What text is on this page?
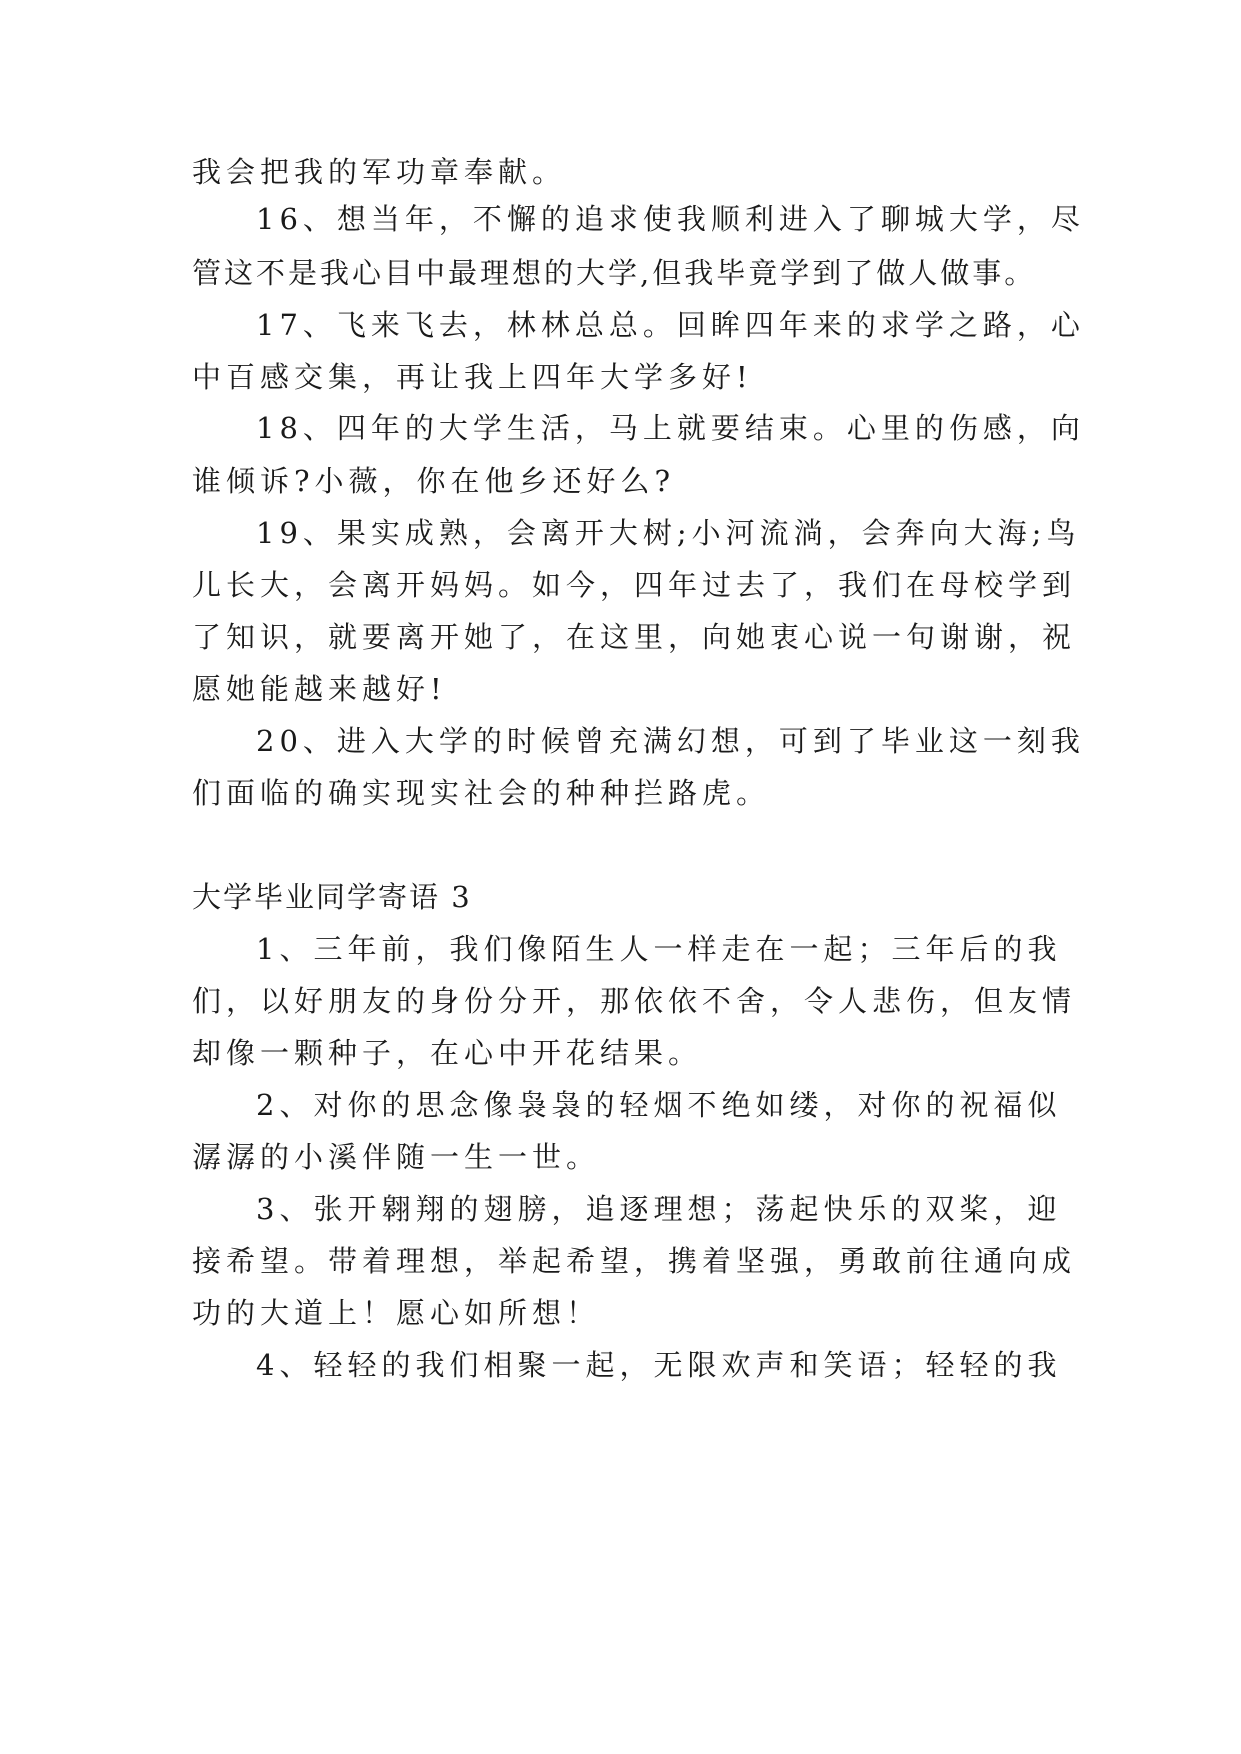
我会把我的军功章奉献。
16、想当年，不懈的追求使我顺利进入了聊城大学，尽
管这不是我心目中最理想的大学,但我毕竟学到了做人做事。
17、飞来飞去，林林总总。回眸四年来的求学之路，心
中百感交集，再让我上四年大学多好!
18、四年的大学生活，马上就要结束。心里的伤感，向
谁倾诉?小薇，你在他乡还好么?
19、果实成熟，会离开大树;小河流淌，会奔向大海;鸟
儿长大，会离开妈妈。如今，四年过去了，我们在母校学到
了知识，就要离开她了，在这里，向她衷心说一句谢谢，祝
愿她能越来越好!
20、进入大学的时候曾充满幻想，可到了毕业这一刻我
们面临的确实现实社会的种种拦路虎。
大学毕业同学寄语 3
1、三年前，我们像陌生人一样走在一起；三年后的我
们，以好朋友的身份分开，那依依不舍，令人悲伤，但友情
却像一颗种子，在心中开花结果。
2、对你的思念像袅袅的轻烟不绝如缕，对你的祝福似
潺潺的小溪伴随一生一世。
3、张开翱翔的翅膀，追逐理想；荡起快乐的双桨，迎
接希望。带着理想，举起希望，携着坚强，勇敢前往通向成
功的大道上！愿心如所想！
4、轻轻的我们相聚一起，无限欢声和笑语；轻轻的我
